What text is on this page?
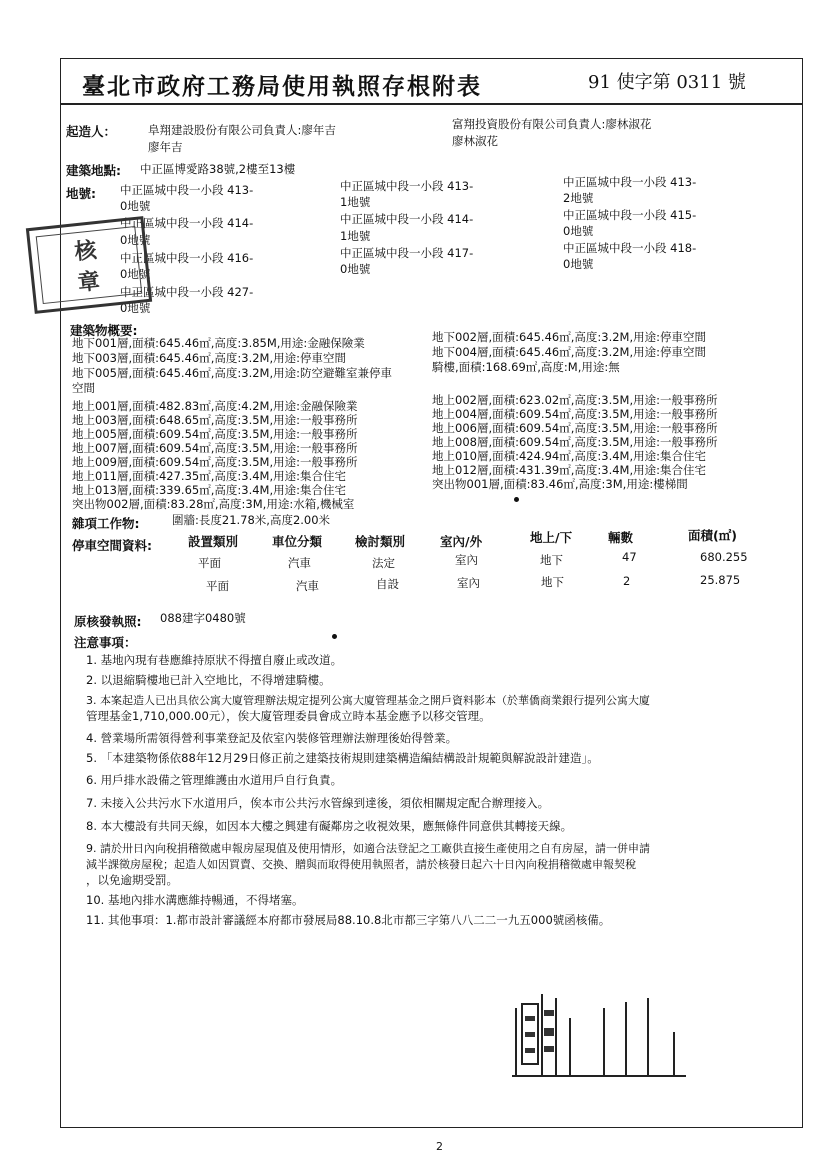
臺北市政府工務局使用執照存根附表	91 使字第 0311 號
起造人：	阜翔建設股份有限公司負責人:廖年吉
廖年吉
富翔投資股份有限公司負責人:廖林淑花
廖林淑花
建築地點: 中正區博愛路38號,2樓至13樓
地號: 中正區城中段一小段 413-
0地號
中正區城中段一小段 414-
0地號
中正區城中段一小段 416-
0地號
中正區城中段一小段 427-
0地號
中正區城中段一小段 413-
1地號
中正區城中段一小段 414-
1地號
中正區城中段一小段 417-
0地號
中正區城中段一小段 413-
2地號
中正區城中段一小段 415-
0地號
中正區城中段一小段 418-
0地號
核
章
建築物概要:
地下001層,面積:645.46㎡,高度:3.85M,用途:金融保險業
地下003層,面積:645.46㎡,高度:3.2M,用途:停車空間
地下005層,面積:645.46㎡,高度:3.2M,用途:防空避難室兼停車
空間
地下002層,面積:645.46㎡,高度:3.2M,用途:停車空間
地下004層,面積:645.46㎡,高度:3.2M,用途:停車空間
騎樓,面積:168.69㎡,高度:M,用途:無
地上001層,面積:482.83㎡,高度:4.2M,用途:金融保險業
地上003層,面積:648.65㎡,高度:3.5M,用途:一般事務所
地上005層,面積:609.54㎡,高度:3.5M,用途:一般事務所
地上007層,面積:609.54㎡,高度:3.5M,用途:一般事務所
地上009層,面積:609.54㎡,高度:3.5M,用途:一般事務所
地上011層,面積:427.35㎡,高度:3.4M,用途:集合住宅
地上013層,面積:339.65㎡,高度:3.4M,用途:集合住宅
突出物002層,面積:83.28㎡,高度:3M,用途:水箱,機械室
地上002層,面積:623.02㎡,高度:3.5M,用途:一般事務所
地上004層,面積:609.54㎡,高度:3.5M,用途:一般事務所
地上006層,面積:609.54㎡,高度:3.5M,用途:一般事務所
地上008層,面積:609.54㎡,高度:3.5M,用途:一般事務所
地上010層,面積:424.94㎡,高度:3.4M,用途:集合住宅
地上012層,面積:431.39㎡,高度:3.4M,用途:集合住宅
突出物001層,面積:83.46㎡,高度:3M,用途:樓梯間
雜項工作物:	圍牆:長度21.78米,高度2.00米
停車空間資料:	設置類別	車位分類	檢討類別	室內/外	地上/下	輛數	面積(㎡)
平面	汽車	法定	室內	地下	47	680.255
平面	汽車	自設	室內	地下	2	25.875
原核發執照: 088建字0480號
注意事項：
1. 基地內現有巷應維持原狀不得擅自廢止或改道。
2. 以退縮騎樓地已計入空地比，不得增建騎樓。
3. 本案起造人已出具依公寓大廈管理辦法規定提列公寓大廈管理基金之開戶資料影本（於華僑商業銀行提列公寓大廈
管理基金1,710,000.00元），俟大廈管理委員會成立時本基金應予以移交管理。
4. 營業場所需領得營利事業登記及依室內裝修管理辦法辦理後始得營業。
5. 「本建築物係依88年12月29日修正前之建築技術規則建築構造編結構設計規範與解說設計建造」。
6. 用戶排水設備之管理維護由水道用戶自行負責。
7. 未接入公共污水下水道用戶，俟本市公共污水管線到達後，須依相關規定配合辦理接入。
8. 本大樓設有共同天線，如因本大樓之興建有礙鄰房之收視效果，應無條件同意供其轉接天線。
9. 請於卅日內向稅捐稽徵處申報房屋現值及使用情形，如適合法登記之工廠供直接生產使用之自有房屋，請一併申請
減半課徵房屋稅；起造人如因買賣、交換、贈與而取得使用執照者，請於核發日起六十日內向稅捐稽徵處申報契稅
，以免逾期受罰。
10. 基地內排水溝應維持暢通，不得堵塞。
11. 其他事項：1.都市設計審議經本府都市發展局88.10.8北市都三字第八八二二一九五000號函核備。
2
